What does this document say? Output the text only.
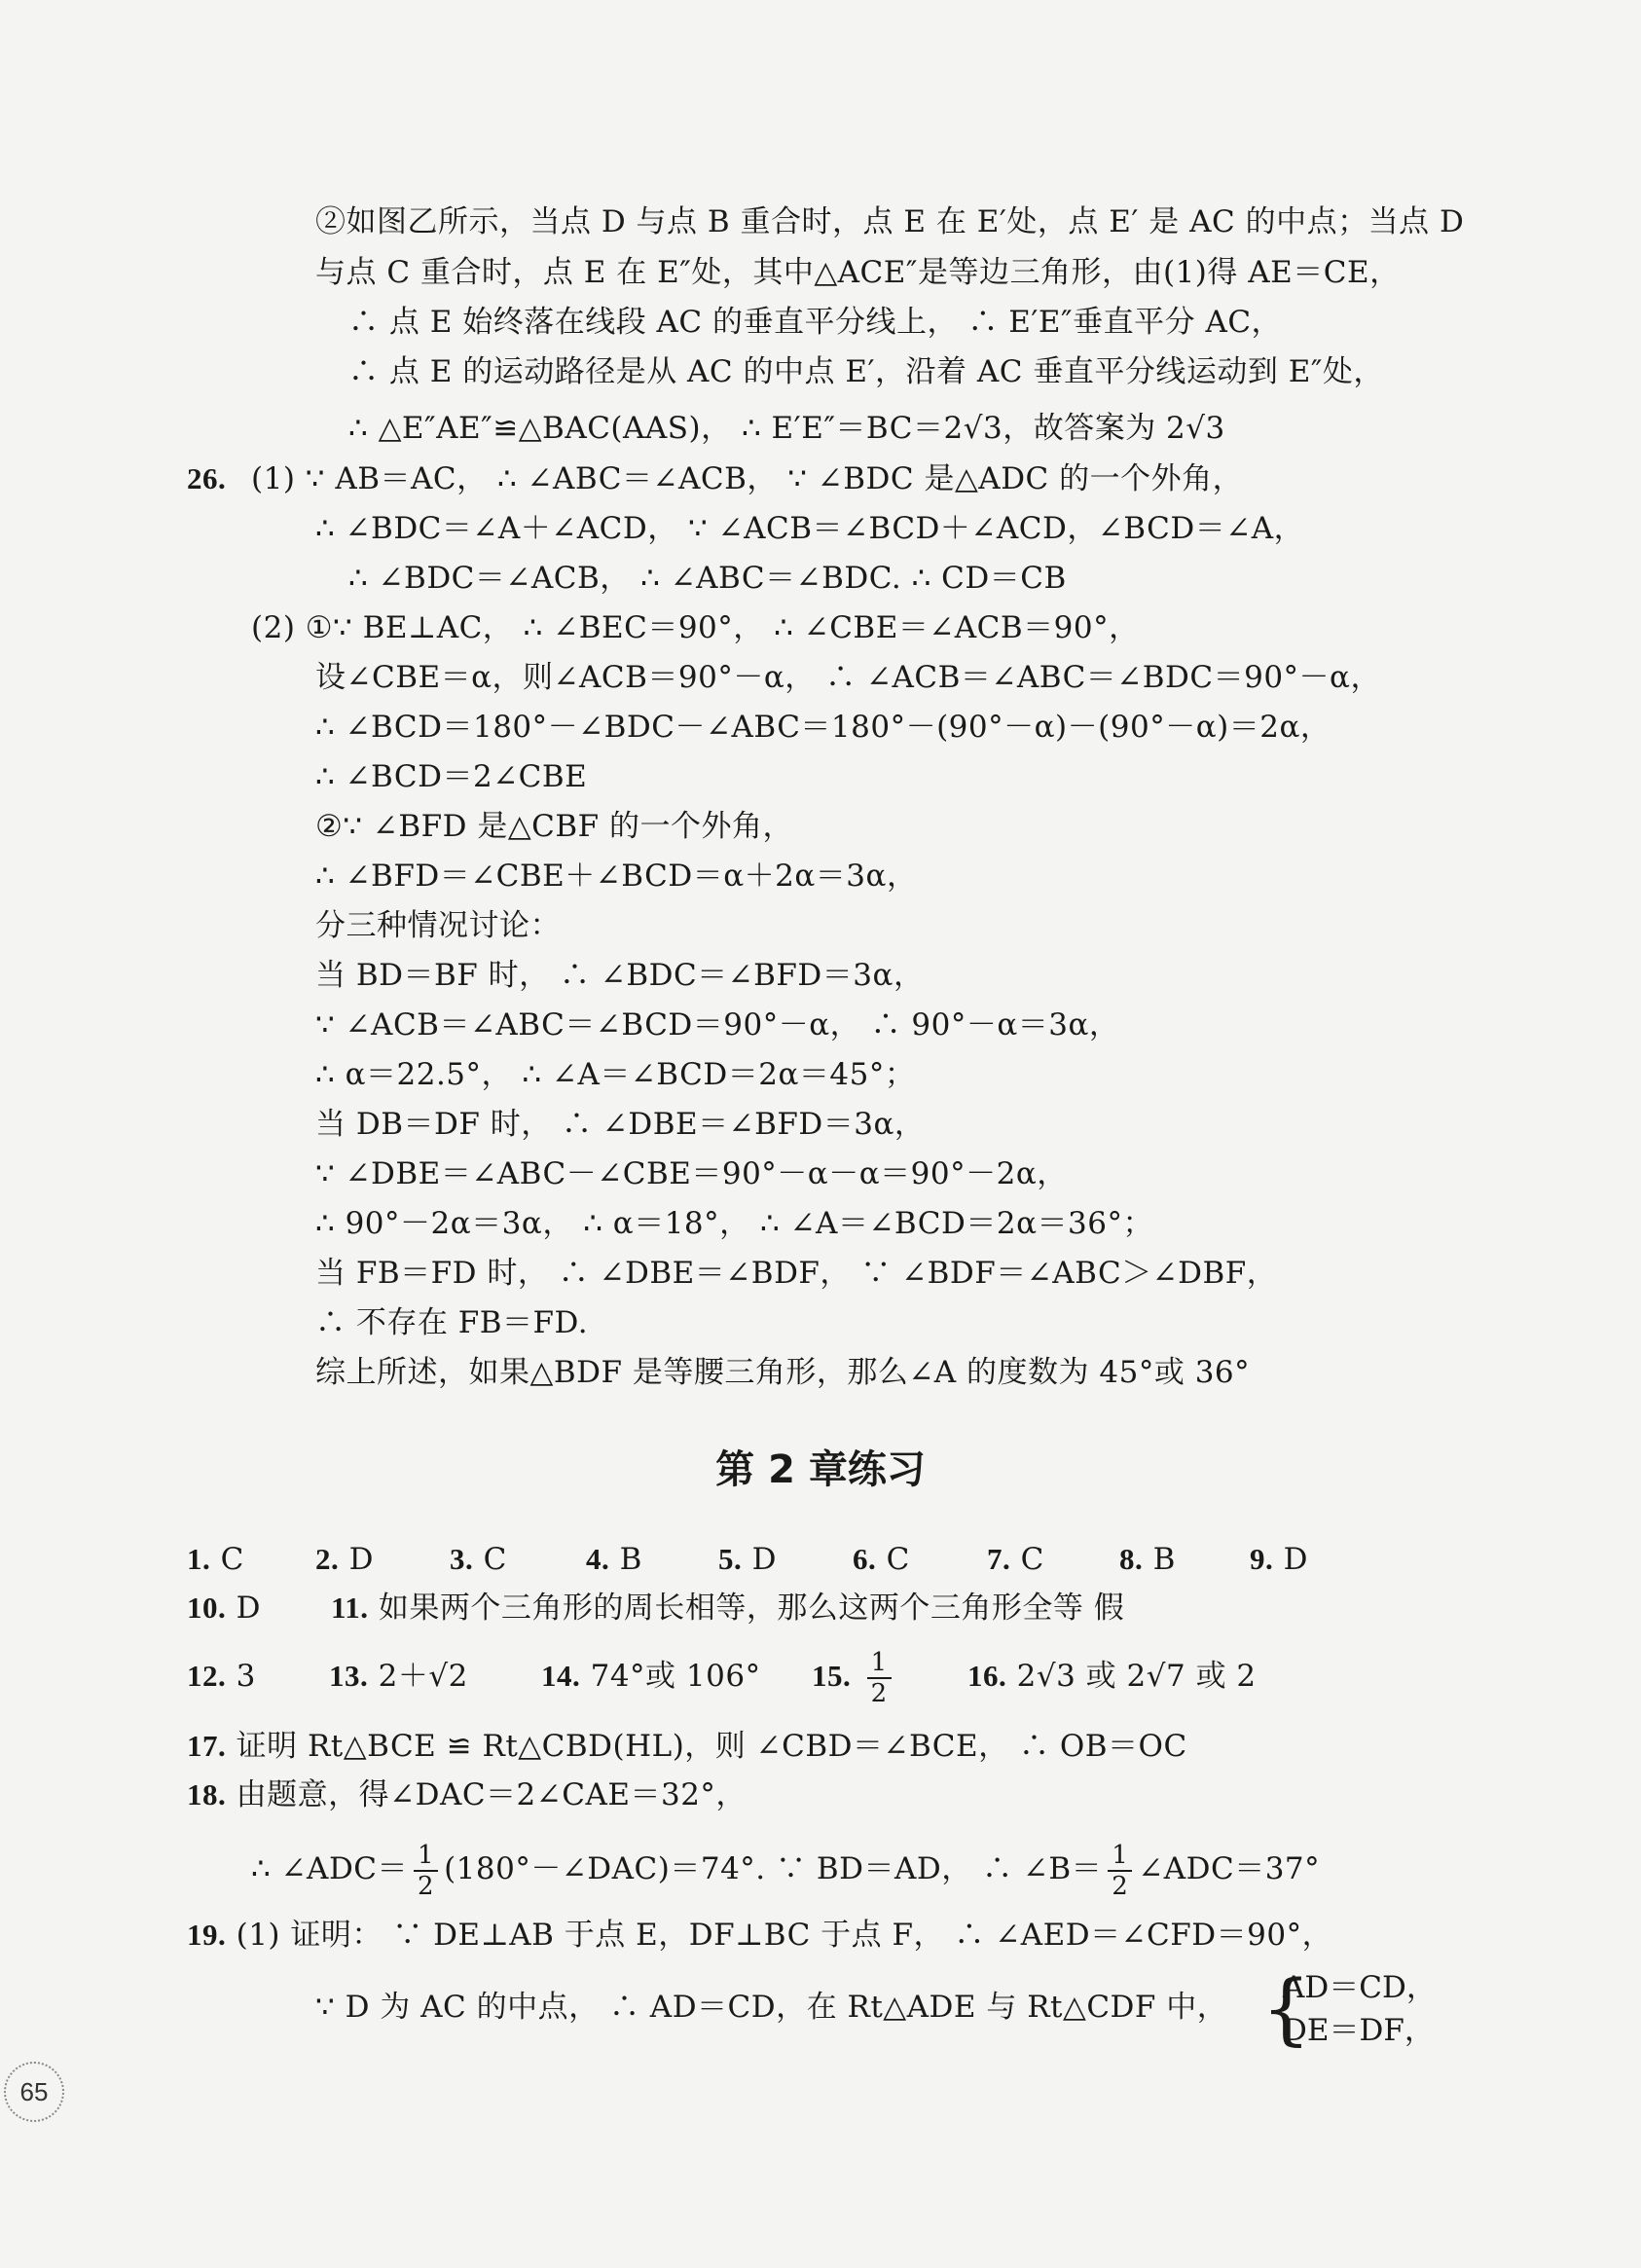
②如图乙所示，当点 D 与点 B 重合时，点 E 在 E′处，点 E′ 是 AC 的中点；当点 D
与点 C 重合时，点 E 在 E″处，其中△ACE″是等边三角形，由(1)得 AE＝CE，
∴ 点 E 始终落在线段 AC 的垂直平分线上， ∴ E′E″垂直平分 AC，
∴ 点 E 的运动路径是从 AC 的中点 E′，沿着 AC 垂直平分线运动到 E″处，
∴ △E″AE″≌△BAC(AAS)， ∴ E′E″＝BC＝2√3，故答案为 2√3
26. (1) ∵ AB＝AC， ∴ ∠ABC＝∠ACB， ∵ ∠BDC 是△ADC 的一个外角，
∴ ∠BDC＝∠A＋∠ACD， ∵ ∠ACB＝∠BCD＋∠ACD，∠BCD＝∠A，
∴ ∠BDC＝∠ACB， ∴ ∠ABC＝∠BDC. ∴ CD＝CB
(2) ①∵ BE⊥AC， ∴ ∠BEC＝90°， ∴ ∠CBE＝∠ACB＝90°，
设∠CBE＝α，则∠ACB＝90°－α， ∴ ∠ACB＝∠ABC＝∠BDC＝90°－α，
∴ ∠BCD＝180°－∠BDC－∠ABC＝180°－(90°－α)－(90°－α)＝2α，
∴ ∠BCD＝2∠CBE
②∵ ∠BFD 是△CBF 的一个外角，
∴ ∠BFD＝∠CBE＋∠BCD＝α＋2α＝3α，
分三种情况讨论：
当 BD＝BF 时， ∴ ∠BDC＝∠BFD＝3α，
∵ ∠ACB＝∠ABC＝∠BCD＝90°－α， ∴ 90°－α＝3α，
∴ α＝22.5°， ∴ ∠A＝∠BCD＝2α＝45°；
当 DB＝DF 时， ∴ ∠DBE＝∠BFD＝3α，
∵ ∠DBE＝∠ABC－∠CBE＝90°－α－α＝90°－2α，
∴ 90°－2α＝3α， ∴ α＝18°， ∴ ∠A＝∠BCD＝2α＝36°；
当 FB＝FD 时， ∴ ∠DBE＝∠BDF， ∵ ∠BDF＝∠ABC＞∠DBF，
∴ 不存在 FB＝FD.
综上所述，如果△BDF 是等腰三角形，那么∠A 的度数为 45°或 36°
第 2 章练习
1. C 2. D	3. C	4. B	5. D	6. C	7. C 8. B 9. D
10. D 11. 如果两个三角形的周长相等，那么这两个三角形全等 假
12. 3 13. 2＋√2 14. 74°或 106° 15. $\frac{1}{2}$	16. 2√3 或 2√7 或 2
17. 证明 Rt△BCE ≌ Rt△CBD(HL)，则 ∠CBD＝∠BCE， ∴ OB＝OC
18. 由题意，得∠DAC＝2∠CAE＝32°，
∴ ∠ADC＝ $\frac{1}{2}$ (180°－∠DAC)＝74°. ∵ BD＝AD， ∴ ∠B＝ $\frac{1}{2}$ ∠ADC＝37°
19. (1) 证明： ∵ DE⊥AB 于点 E，DF⊥BC 于点 F， ∴ ∠AED＝∠CFD＝90°，
∵ D 为 AC 的中点， ∴ AD＝CD，在 Rt△ADE 与 Rt△CDF 中， {
AD＝CD，
DE＝DF，
65
